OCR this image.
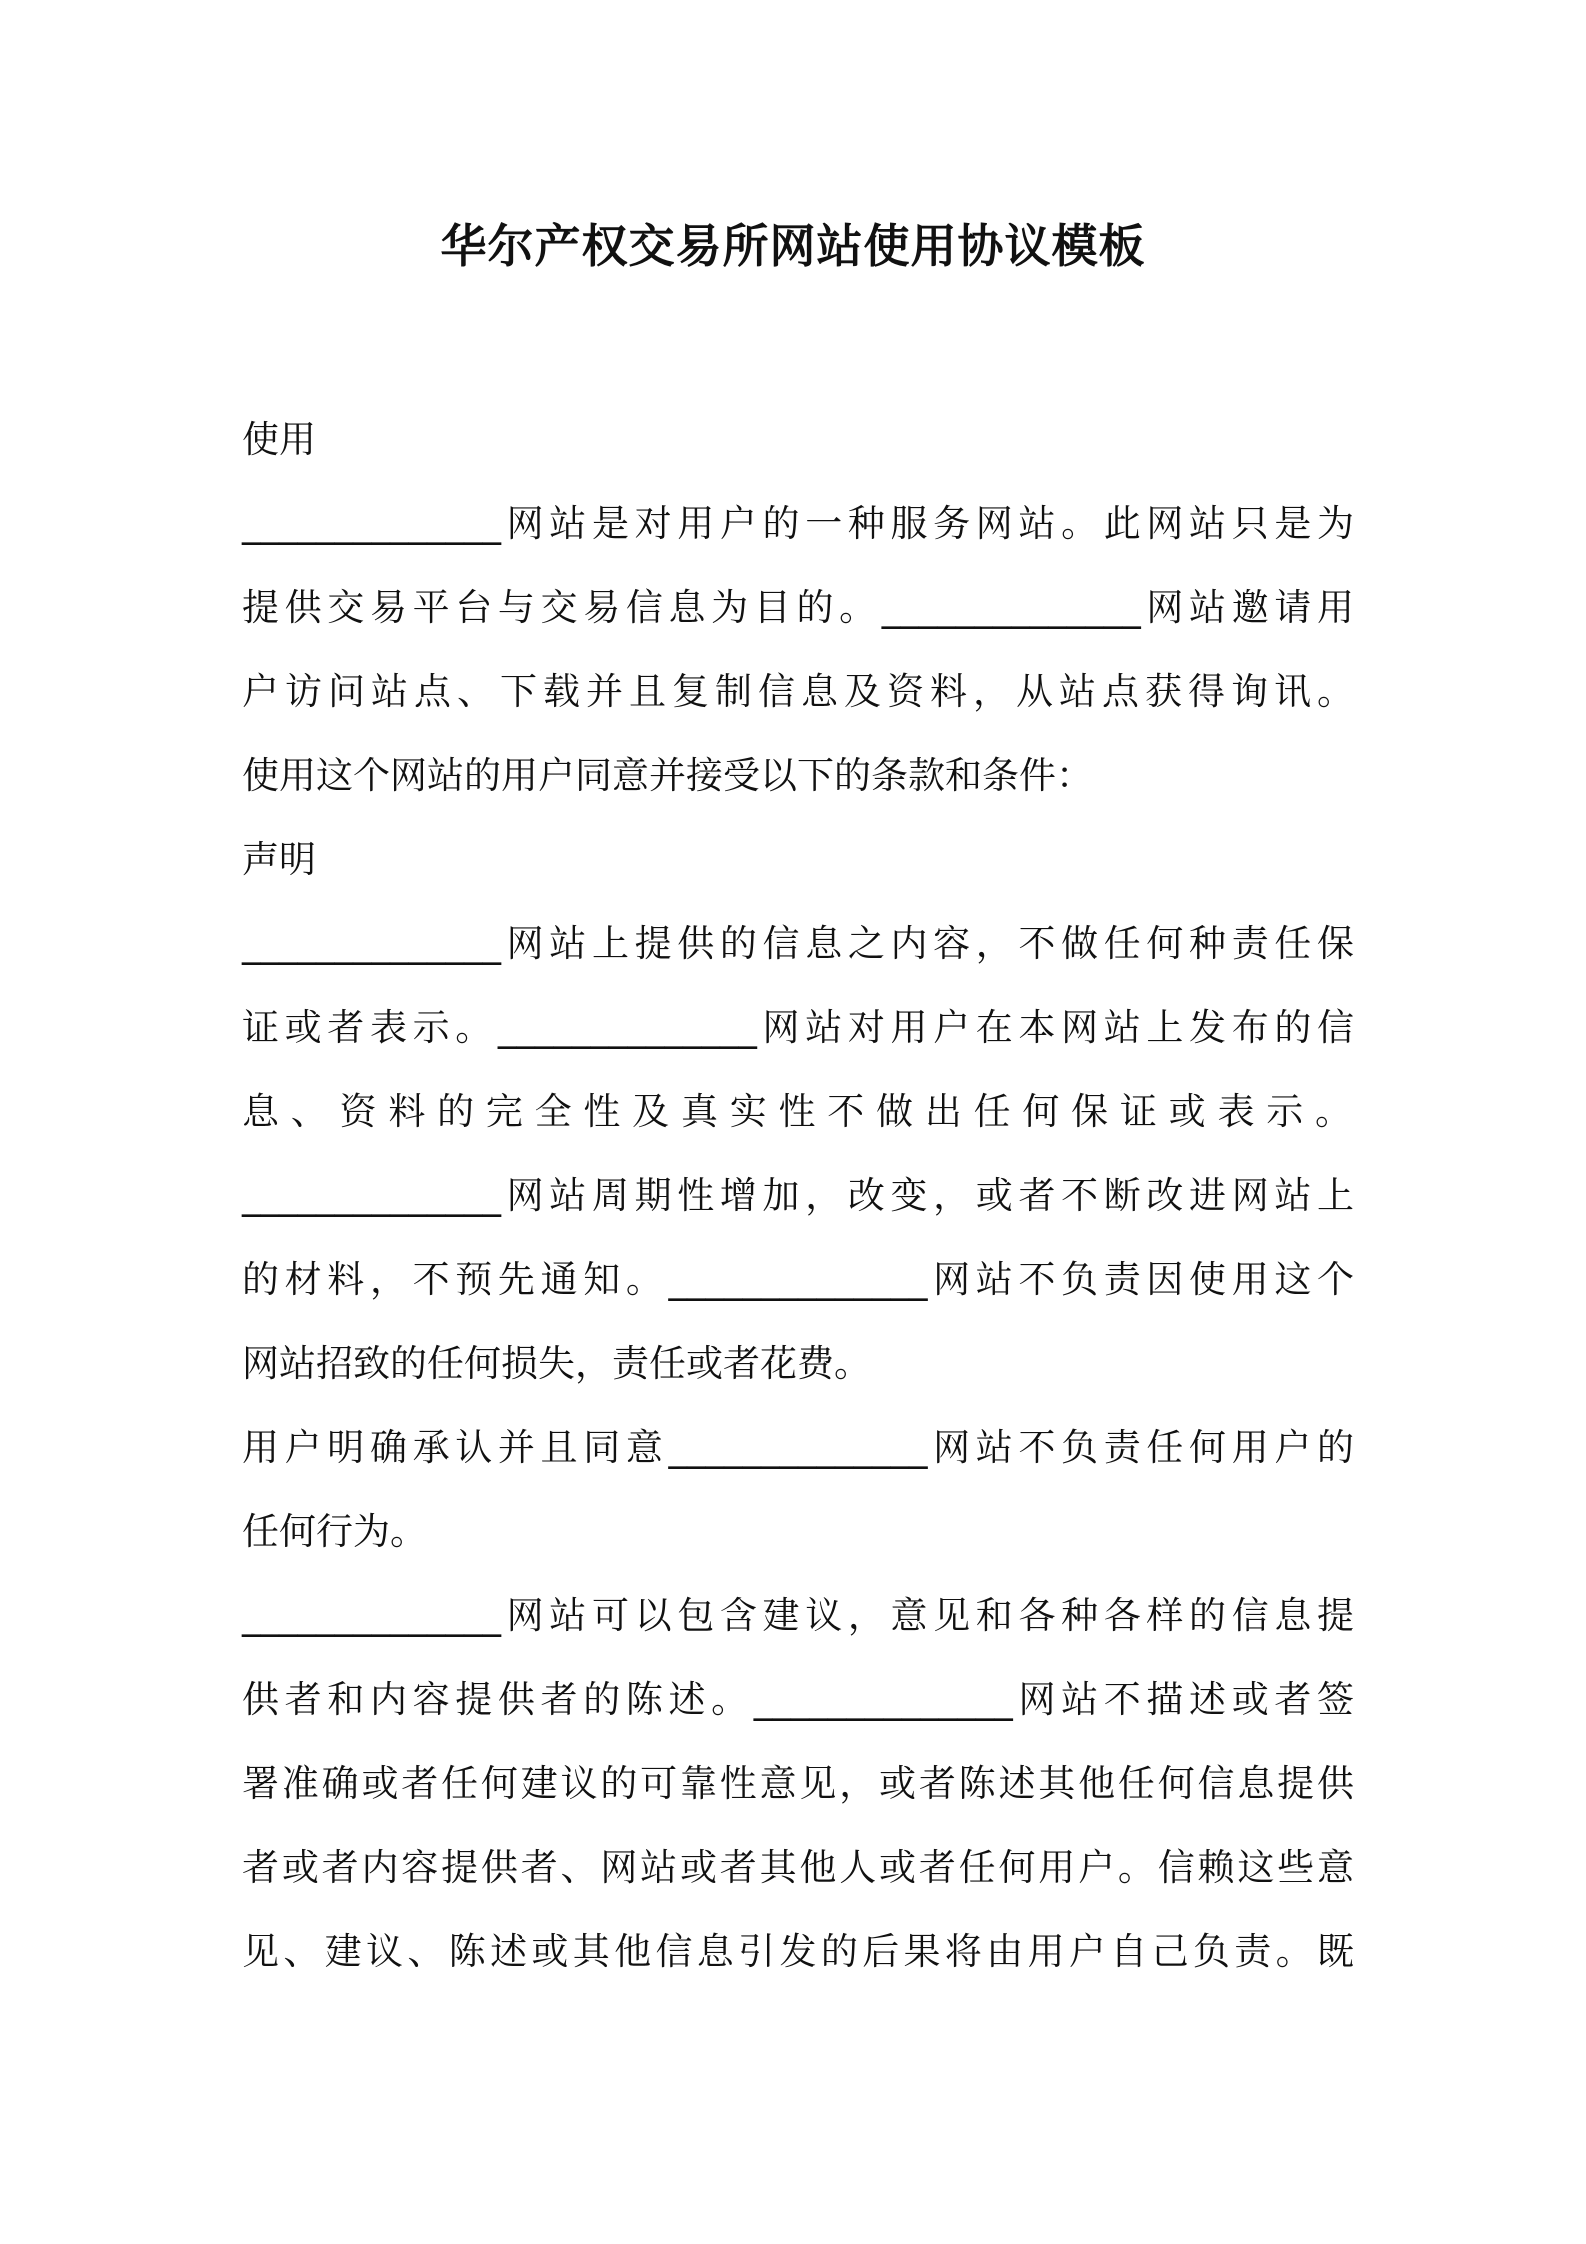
华尔产权交易所网站使用协议模板
使用
______________网站是对用户的一种服务网站。此网站只是为
提供交易平台与交易信息为目的。______________网站邀请用
户访问站点、下载并且复制信息及资料，从站点获得询讯。
使用这个网站的用户同意并接受以下的条款和条件：
声明
______________网站上提供的信息之内容，不做任何种责任保
证或者表示。______________网站对用户在本网站上发布的信
息、资料的完全性及真实性不做出任何保证或表示。
______________网站周期性增加，改变，或者不断改进网站上
的材料，不预先通知。______________网站不负责因使用这个
网站招致的任何损失，责任或者花费。
用户明确承认并且同意______________网站不负责任何用户的
任何行为。
______________网站可以包含建议，意见和各种各样的信息提
供者和内容提供者的陈述。______________网站不描述或者签
署准确或者任何建议的可靠性意见，或者陈述其他任何信息提供
者或者内容提供者、网站或者其他人或者任何用户。信赖这些意
见、建议、陈述或其他信息引发的后果将由用户自己负责。既
